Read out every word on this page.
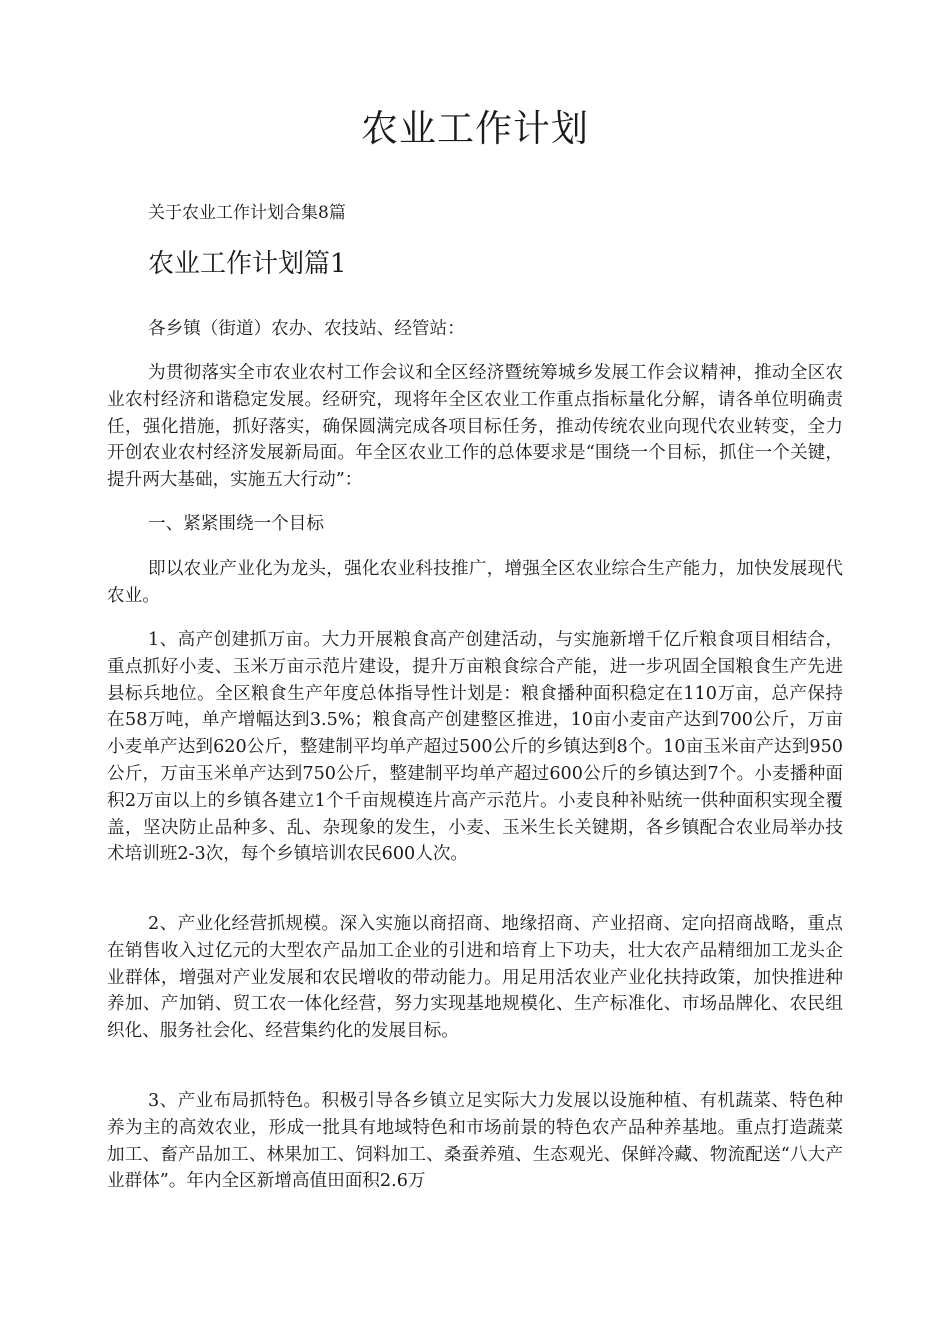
农业工作计划

关于农业工作计划合集8篇

农业工作计划篇1

各乡镇（街道）农办、农技站、经管站：

为贯彻落实全市农业农村工作会议和全区经济暨统筹城乡发展工作会议精神，推动全区农业农村经济和谐稳定发展。经研究，现将年全区农业工作重点指标量化分解，请各单位明确责任，强化措施，抓好落实，确保圆满完成各项目标任务，推动传统农业向现代农业转变，全力开创农业农村经济发展新局面。年全区农业工作的总体要求是“围绕一个目标，抓住一个关键，提升两大基础，实施五大行动”：

一、紧紧围绕一个目标

即以农业产业化为龙头，强化农业科技推广，增强全区农业综合生产能力，加快发展现代农业。

1、高产创建抓万亩。大力开展粮食高产创建活动，与实施新增千亿斤粮食项目相结合，重点抓好小麦、玉米万亩示范片建设，提升万亩粮食综合产能，进一步巩固全国粮食生产先进县标兵地位。全区粮食生产年度总体指导性计划是：粮食播种面积稳定在110万亩，总产保持在58万吨，单产增幅达到3.5%；粮食高产创建整区推进，10亩小麦亩产达到700公斤，万亩小麦单产达到620公斤，整建制平均单产超过500公斤的乡镇达到8个。10亩玉米亩产达到950公斤，万亩玉米单产达到750公斤，整建制平均单产超过600公斤的乡镇达到7个。小麦播种面积2万亩以上的乡镇各建立1个千亩规模连片高产示范片。小麦良种补贴统一供种面积实现全覆盖，坚决防止品种多、乱、杂现象的发生，小麦、玉米生长关键期，各乡镇配合农业局举办技术培训班2-3次，每个乡镇培训农民600人次。

2、产业化经营抓规模。深入实施以商招商、地缘招商、产业招商、定向招商战略，重点在销售收入过亿元的大型农产品加工企业的引进和培育上下功夫，壮大农产品精细加工龙头企业群体，增强对产业发展和农民增收的带动能力。用足用活农业产业化扶持政策，加快推进种养加、产加销、贸工农一体化经营，努力实现基地规模化、生产标准化、市场品牌化、农民组织化、服务社会化、经营集约化的发展目标。

3、产业布局抓特色。积极引导各乡镇立足实际大力发展以设施种植、有机蔬菜、特色种养为主的高效农业，形成一批具有地域特色和市场前景的特色农产品种养基地。重点打造蔬菜加工、畜产品加工、林果加工、饲料加工、桑蚕养殖、生态观光、保鲜冷藏、物流配送“八大产业群体”。年内全区新增高值田面积2.6万
